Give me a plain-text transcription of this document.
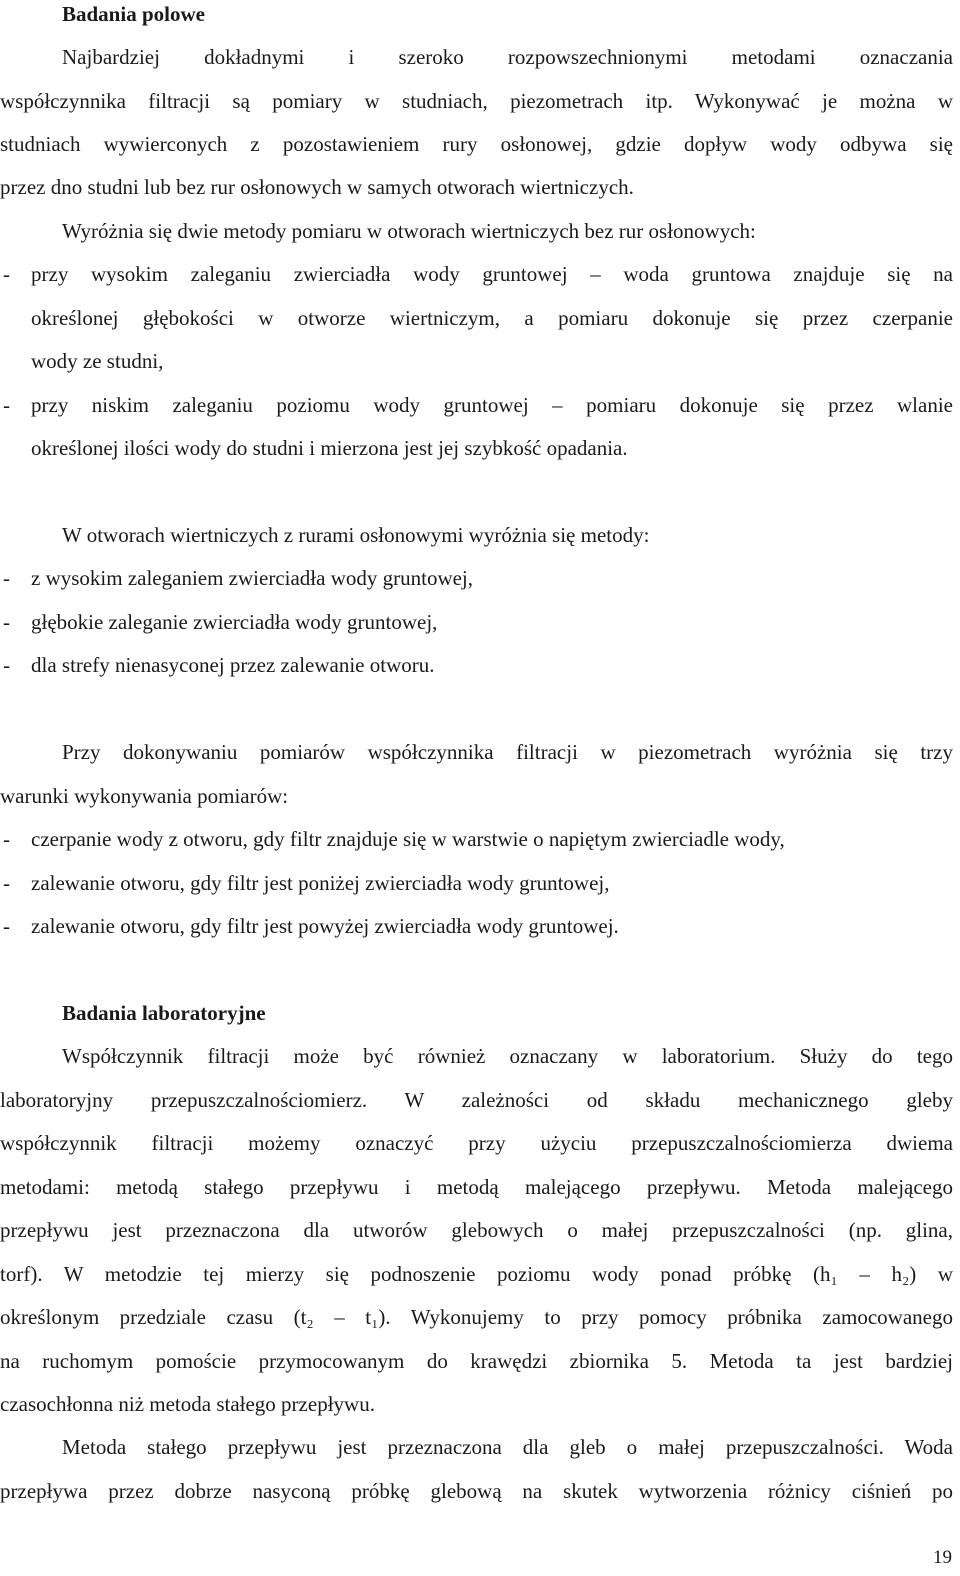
Badania polowe
Najbardziej dokładnymi i szeroko rozpowszechnionymi metodami oznaczania
współczynnika filtracji są pomiary w studniach, piezometrach itp. Wykonywać je można w
studniach wywierconych z pozostawieniem rury osłonowej, gdzie dopływ wody odbywa się
przez dno studni lub bez rur osłonowych w samych otworach wiertniczych.
Wyróżnia się dwie metody pomiaru w otworach wiertniczych bez rur osłonowych:
-	przy wysokim zaleganiu zwierciadła wody gruntowej – woda gruntowa znajduje się na
określonej głębokości w otworze wiertniczym, a pomiaru dokonuje się przez czerpanie
wody ze studni,
-	przy niskim zaleganiu poziomu wody gruntowej – pomiaru dokonuje się przez wlanie
określonej ilości wody do studni i mierzona jest jej szybkość opadania.
W otworach wiertniczych z rurami osłonowymi wyróżnia się metody:
-	z wysokim zaleganiem zwierciadła wody gruntowej,
-	głębokie zaleganie zwierciadła wody gruntowej,
-	dla strefy nienasyconej przez zalewanie otworu.
Przy dokonywaniu pomiarów współczynnika filtracji w piezometrach wyróżnia się trzy
warunki wykonywania pomiarów:
-	czerpanie wody z otworu, gdy filtr znajduje się w warstwie o napiętym zwierciadle wody,
-	zalewanie otworu, gdy filtr jest poniżej zwierciadła wody gruntowej,
-	zalewanie otworu, gdy filtr jest powyżej zwierciadła wody gruntowej.
Badania laboratoryjne
Współczynnik filtracji może być również oznaczany w laboratorium. Służy do tego
laboratoryjny przepuszczalnościomierz. W zależności od składu mechanicznego gleby
współczynnik filtracji możemy oznaczyć przy użyciu przepuszczalnościomierza dwiema
metodami: metodą stałego przepływu i metodą malejącego przepływu. Metoda malejącego
przepływu jest przeznaczona dla utworów glebowych o małej przepuszczalności (np. glina,
torf). W metodzie tej mierzy się podnoszenie poziomu wody ponad próbkę (h₁ – h₂) w
określonym przedziale czasu (t₂ – t₁). Wykonujemy to przy pomocy próbnika zamocowanego
na ruchomym pomoście przymocowanym do krawędzi zbiornika 5. Metoda ta jest bardziej
czasochłonna niż metoda stałego przepływu.
Metoda stałego przepływu jest przeznaczona dla gleb o małej przepuszczalności. Woda
przepływa przez dobrze nasyconą próbkę glebową na skutek wytworzenia różnicy ciśnień po
19
